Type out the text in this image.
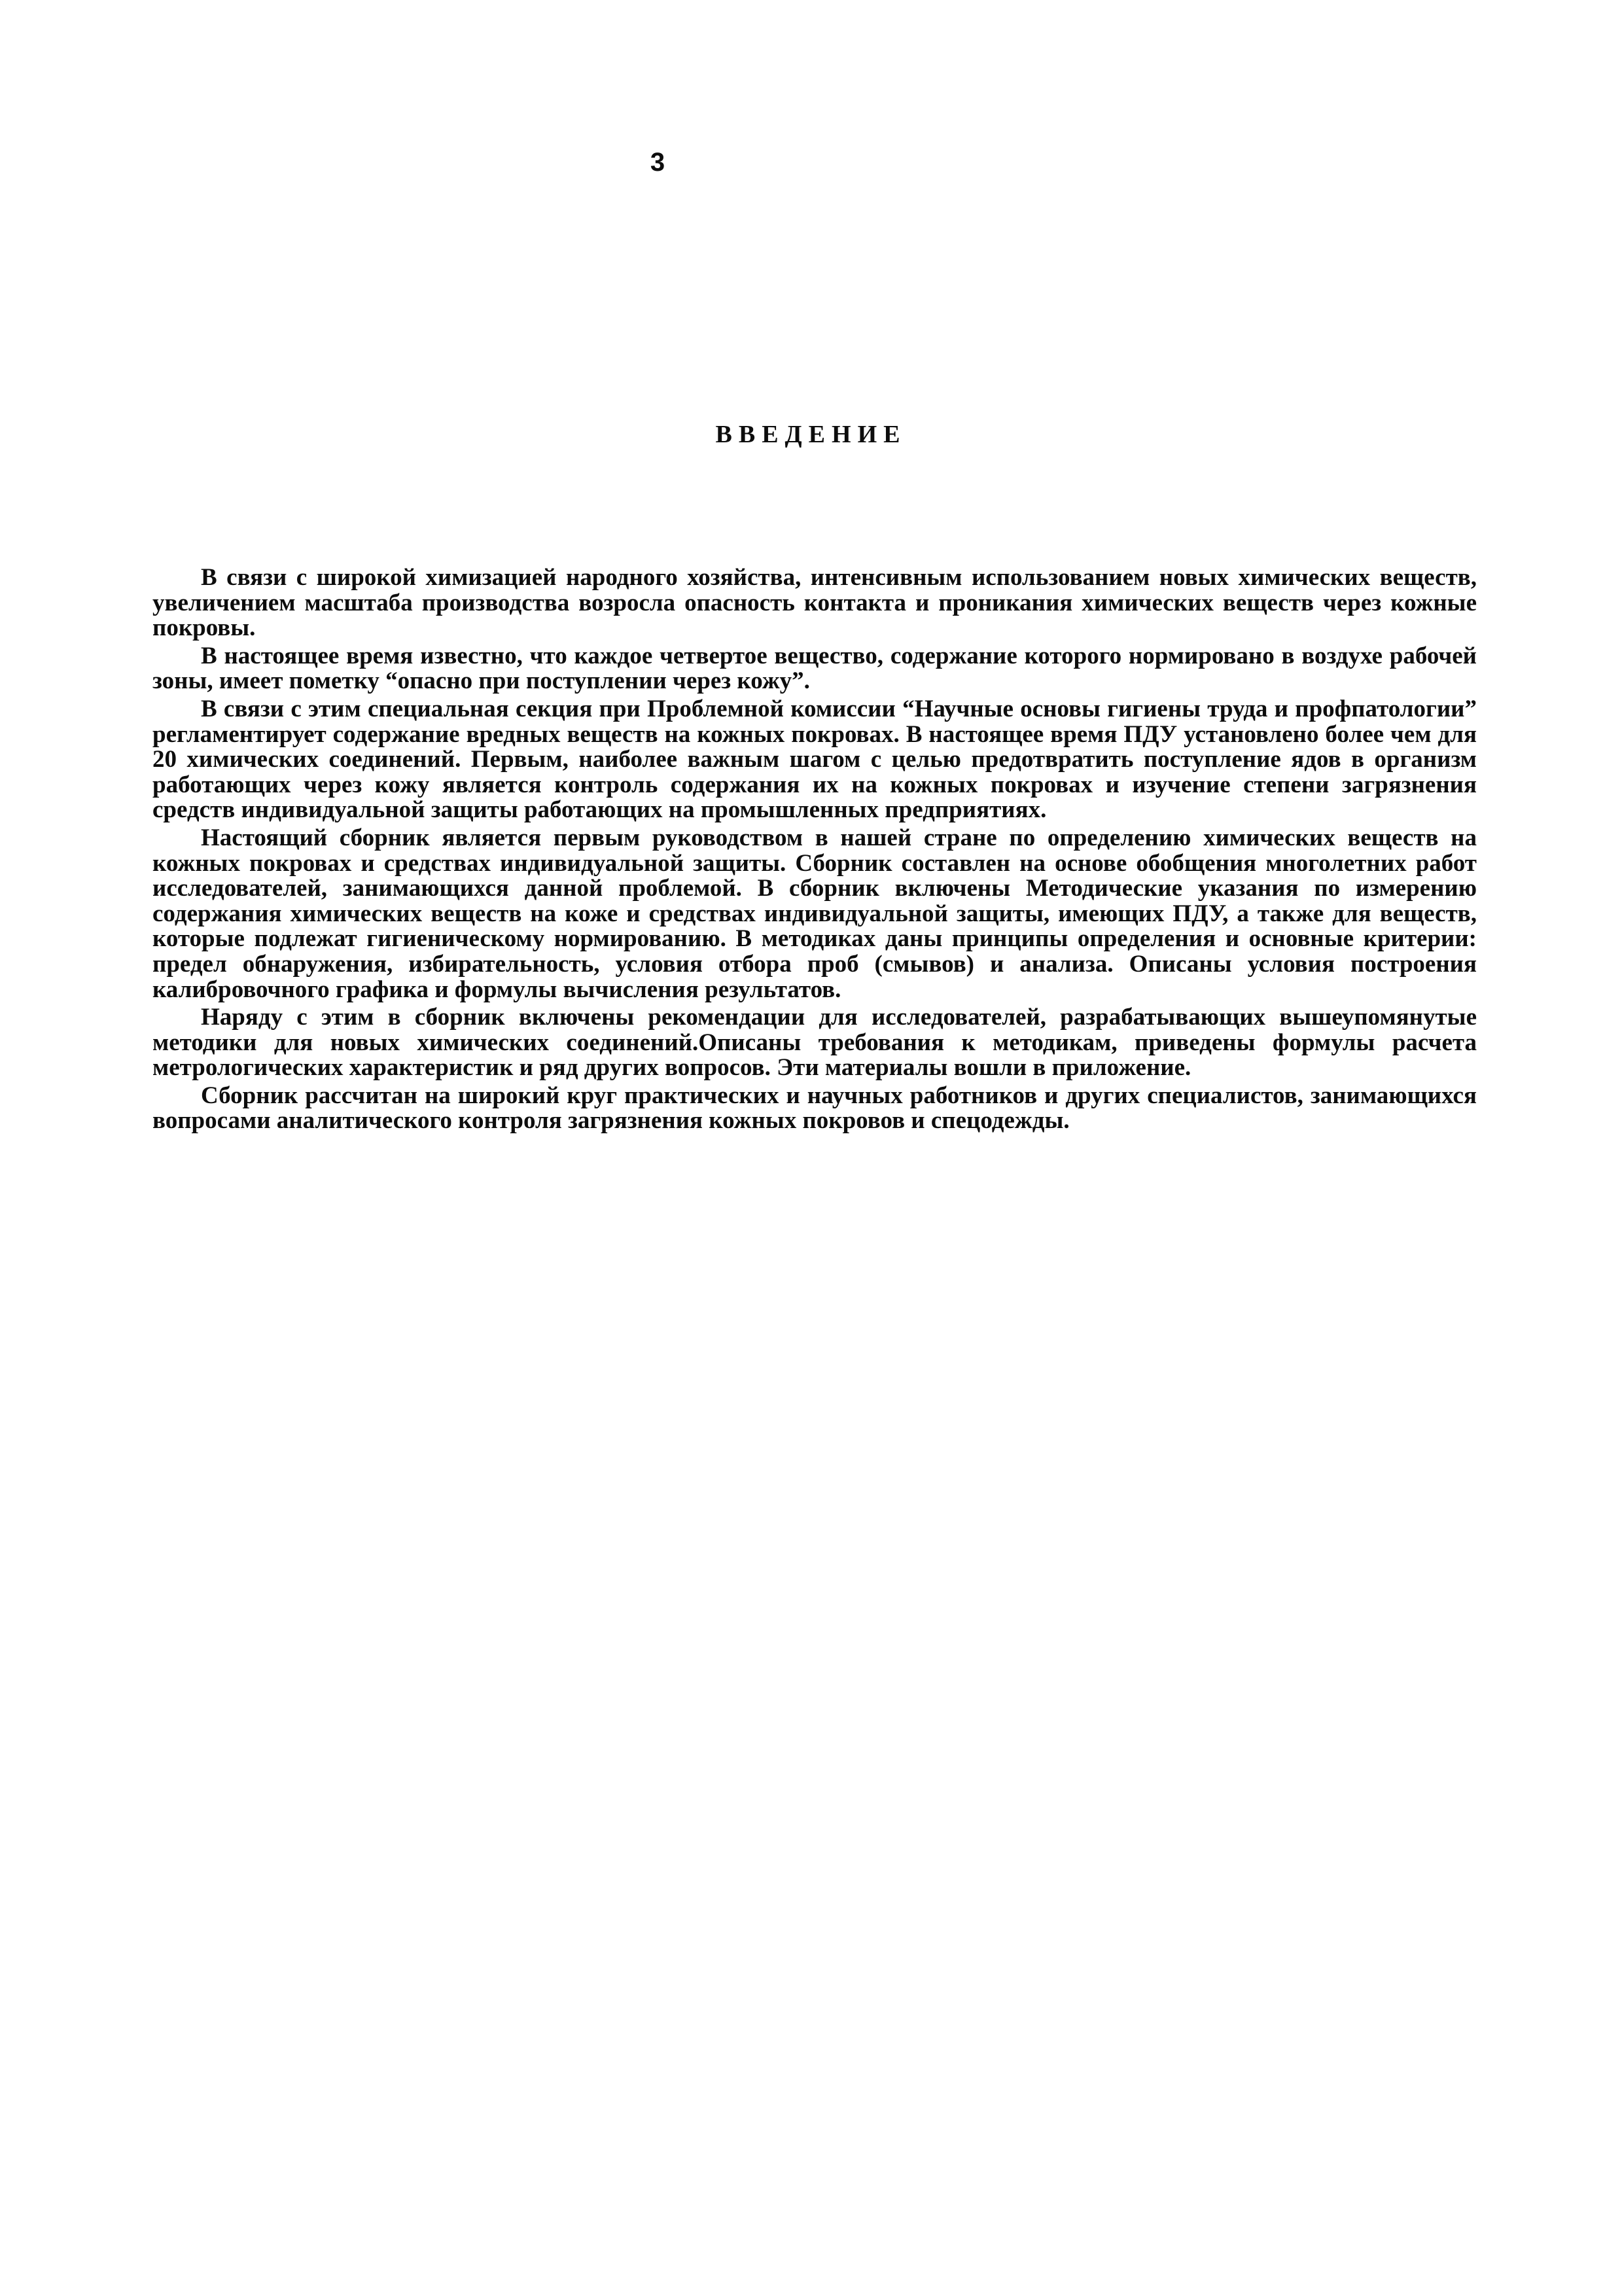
3
ВВЕДЕНИЕ

В связи с широкой химизацией народного хозяйства, интенсивным использованием новых химических веществ, увеличением масштаба производства возросла опасность контакта и проникания химических веществ через кожные покровы.

В настоящее время известно, что каждое четвертое вещество, содержание которого нормировано в воздухе рабочей зоны, имеет пометку “опасно при поступлении через кожу”.

В связи с этим специальная секция при Проблемной комиссии “Научные основы гигиены труда и профпатологии” регламентирует содержание вредных веществ на кожных покровах. В настоящее время ПДУ установлено более чем для 20 химических соединений. Первым, наиболее важным шагом с целью предотвратить поступление ядов в организм работающих через кожу является контроль содержания их на кожных покровах и изучение степени загрязнения средств индивидуальной защиты работающих на промышленных предприятиях.

Настоящий сборник является первым руководством в нашей стране по определению химических веществ на кожных покровах и средствах индивидуальной защиты. Сборник составлен на основе обобщения многолетних работ исследователей, занимающихся данной проблемой. В сборник включены Методические указания по измерению содержания химических веществ на коже и средствах индивидуальной защиты, имеющих ПДУ, а также для веществ, которые подлежат гигиеническому нормированию. В методиках даны принципы определения и основные критерии: предел обнаружения, избирательность, условия отбора проб (смывов) и анализа. Описаны условия построения калибровочного графика и формулы вычисления результатов.

Наряду с этим в сборник включены рекомендации для исследователей, разрабатывающих вышеупомянутые методики для новых химических соединений.Описаны требования к методикам, приведены формулы расчета метрологических характеристик и ряд других вопросов. Эти материалы вошли в приложение.

Сборник рассчитан на широкий круг практических и научных работников и других специалистов, занимающихся вопросами аналитического контроля загрязнения кожных покровов и спецодежды.
